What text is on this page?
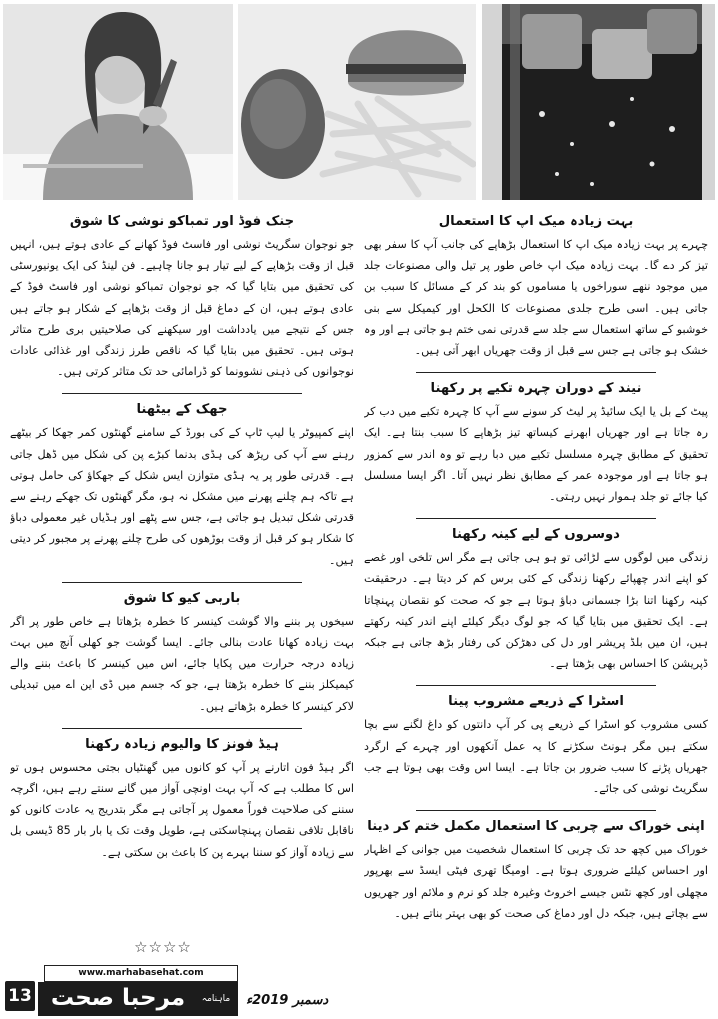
بہت زیادہ میک اپ کا استعمال

چہرے پر بہت زیادہ میک اپ کا استعمال بڑھاپے کی جانب آپ کا سفر بھی تیز کر دے گا۔ بہت زیادہ میک اپ خاص طور پر تیل والی مصنوعات جلد میں موجود ننھے سوراخوں یا مساموں کو بند کر کے مسائل کا سبب بن جاتی ہیں۔ اسی طرح جلدی مصنوعات کا الکحل اور کیمیکل سے بنی خوشبو کے ساتھ استعمال سے جلد سے قدرتی نمی ختم ہو جاتی ہے اور وہ خشک ہو جاتی ہے جس سے قبل از وقت جھریاں ابھر آتی ہیں۔

نیند کے دوران چہرہ تکیے پر رکھنا

پیٹ کے بل یا ایک سائیڈ پر لیٹ کر سونے سے آپ کا چہرہ تکیے میں دب کر رہ جاتا ہے اور جھریاں ابھرنے کیساتھ تیز بڑھاپے کا سبب بنتا ہے۔ ایک تحقیق کے مطابق چہرہ مسلسل تکیے میں دبا رہے تو وہ اندر سے کمزور ہو جاتا ہے اور موجودہ عمر کے مطابق نظر نہیں آتا۔ اگر ایسا مسلسل کیا جائے تو جلد ہموار نہیں رہتی۔

دوسروں کے لیے کینہ رکھنا

زندگی میں لوگوں سے لڑائی تو ہو ہی جاتی ہے مگر اس تلخی اور غصے کو اپنے اندر چھپائے رکھنا زندگی کے کئی برس کم کر دیتا ہے۔ درحقیقت کینہ رکھنا اتنا بڑا جسمانی دباؤ ہوتا ہے جو کہ صحت کو نقصان پہنچاتا ہے۔ ایک تحقیق میں بتایا گیا کہ جو لوگ دیگر کیلئے اپنے اندر کینہ رکھتے ہیں، ان میں بلڈ پریشر اور دل کی دھڑکن کی رفتار بڑھ جاتی ہے جبکہ ڈپریشن کا احساس بھی بڑھتا ہے۔

اسٹرا کے ذریعے مشروب پینا

کسی مشروب کو اسٹرا کے ذریعے پی کر آپ دانتوں کو داغ لگنے سے بچا سکتے ہیں مگر ہونٹ سکڑنے کا یہ عمل آنکھوں اور چہرے کے ارگرد جھریاں پڑنے کا سبب ضرور بن جاتا ہے۔ ایسا اس وقت بھی ہوتا ہے جب سگریٹ نوشی کی جائے۔

اپنی خوراک سے چربی کا استعمال مکمل ختم کر دینا

خوراک میں کچھ حد تک چربی کا استعمال شخصیت میں جوانی کے اظہار اور احساس کیلئے ضروری ہوتا ہے۔ اومیگا تھری فیٹی ایسڈ سے بھرپور مچھلی اور کچھ نٹس جیسے اخروٹ وغیرہ جلد کو نرم و ملائم اور جھریوں سے بچاتے ہیں، جبکہ دل اور دماغ کی صحت کو بھی بہتر بناتے ہیں۔

جنک فوڈ اور تمباکو نوشی کا شوق

جو نوجوان سگریٹ نوشی اور فاسٹ فوڈ کھانے کے عادی ہوتے ہیں، انہیں قبل از وقت بڑھاپے کے لیے تیار ہو جانا چاہیے۔ فن لینڈ کی ایک یونیورسٹی کی تحقیق میں بتایا گیا کہ جو نوجوان تمباکو نوشی اور فاسٹ فوڈ کے عادی ہوتے ہیں، ان کے دماغ قبل از وقت بڑھاپے کے شکار ہو جاتے ہیں جس کے نتیجے میں یادداشت اور سیکھنے کی صلاحیتیں بری طرح متاثر ہوتی ہیں۔ تحقیق میں بتایا گیا کہ ناقص طرز زندگی اور غذائی عادات نوجوانوں کی ذہنی نشوونما کو ڈرامائی حد تک متاثر کرتی ہیں۔

جھک کے بیٹھنا

اپنے کمپیوٹر یا لیپ ٹاپ کے کی بورڈ کے سامنے گھنٹوں کمر جھکا کر بیٹھے رہنے سے آپ کی ریڑھ کی ہڈی بدنما کبڑے پن کی شکل میں ڈھل جاتی ہے۔ قدرتی طور پر یہ ہڈی متوازن ایس شکل کے جھکاؤ کی حامل ہوتی ہے تاکہ ہم چلنے پھرنے میں مشکل نہ ہو، مگر گھنٹوں تک جھکے رہنے سے قدرتی شکل تبدیل ہو جاتی ہے، جس سے پٹھے اور ہڈیاں غیر معمولی دباؤ کا شکار ہو کر قبل از وقت بوڑھوں کی طرح چلنے پھرنے پر مجبور کر دیتی ہیں۔

باربی کیو کا شوق

سیخوں پر بننے والا گوشت کینسر کا خطرہ بڑھاتا ہے خاص طور پر اگر بہت زیادہ کھانا عادت بنالی جائے۔ ایسا گوشت جو کھلی آنچ میں بہت زیادہ درجہ حرارت میں پکایا جائے، اس میں کینسر کا باعث بننے والے کیمیکلز بننے کا خطرہ بڑھتا ہے، جو کہ جسم میں ڈی این اے میں تبدیلی لاکر کینسر کا خطرہ بڑھاتے ہیں۔

ہیڈ فونز کا والیوم زیادہ رکھنا

اگر ہیڈ فون اتارنے پر آپ کو کانوں میں گھنٹیاں بجتی محسوس ہوں تو اس کا مطلب ہے کہ آپ بہت اونچی آواز میں گانے سنتے رہے ہیں، اگرچہ سننے کی صلاحیت فوراً معمول پر آجاتی ہے مگر بتدریج یہ عادت کانوں کو ناقابل تلافی نقصان پہنچاسکتی ہے، طویل وقت تک یا بار بار 85 ڈیسی بل سے زیادہ آواز کو سننا بہرے پن کا باعث بن سکتی ہے۔

☆☆☆☆
13
www.marhabasehat.com
مرحبا صحت	ماہنامہ	دسمبر 2019ء
